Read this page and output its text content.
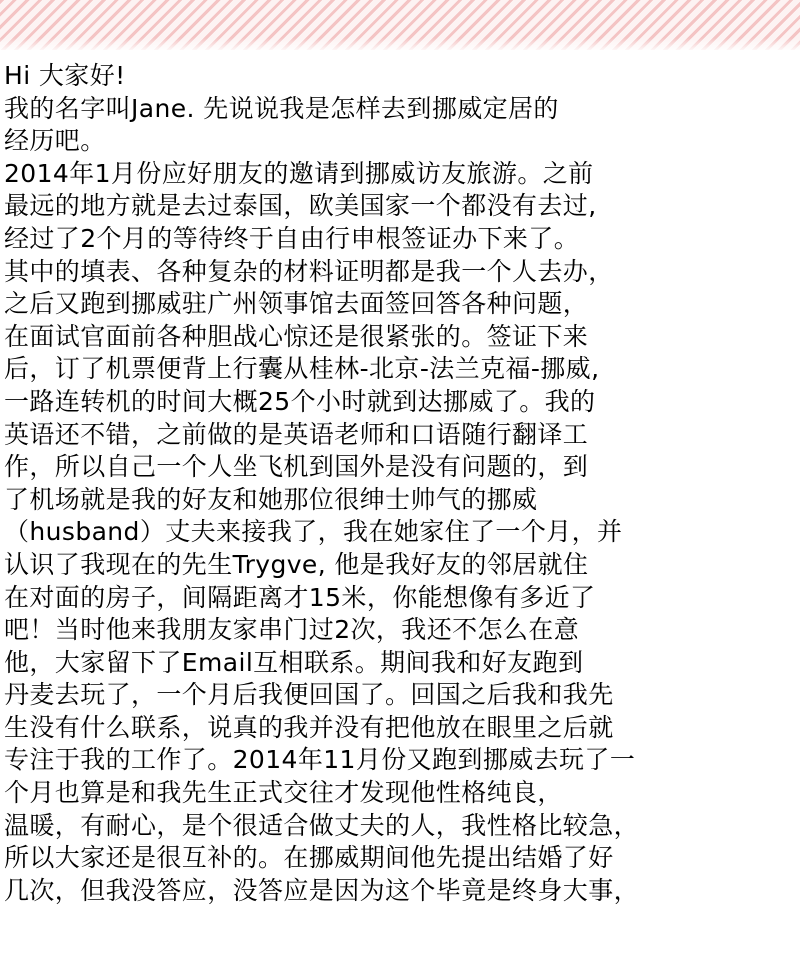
Hi 大家好!
我的名字叫Jane. 先说说我是怎样去到挪威定居的
经历吧。
2014年1月份应好朋友的邀请到挪威访友旅游。之前
最远的地方就是去过泰国，欧美国家一个都没有去过,
经过了2个月的等待终于自由行申根签证办下来了。
其中的填表、各种复杂的材料证明都是我一个人去办，
之后又跑到挪威驻广州领事馆去面签回答各种问题，
在面试官面前各种胆战心惊还是很紧张的。签证下来
后，订了机票便背上行囊从桂林-北京-法兰克福-挪威,
一路连转机的时间大概25个小时就到达挪威了。我的
英语还不错，之前做的是英语老师和口语随行翻译工
作，所以自己一个人坐飞机到国外是没有问题的，到
了机场就是我的好友和她那位很绅士帅气的挪威
（husband）丈夫来接我了，我在她家住了一个月，并
认识了我现在的先生Trygve, 他是我好友的邻居就住
在对面的房子，间隔距离才15米，你能想像有多近了
吧！当时他来我朋友家串门过2次，我还不怎么在意
他，大家留下了Email互相联系。期间我和好友跑到
丹麦去玩了，一个月后我便回国了。回国之后我和我先
生没有什么联系，说真的我并没有把他放在眼里之后就
专注于我的工作了。2014年11月份又跑到挪威去玩了一
个月也算是和我先生正式交往才发现他性格纯良，
温暖，有耐心，是个很适合做丈夫的人，我性格比较急，
所以大家还是很互补的。在挪威期间他先提出结婚了好
几次，但我没答应，没答应是因为这个毕竟是终身大事，
